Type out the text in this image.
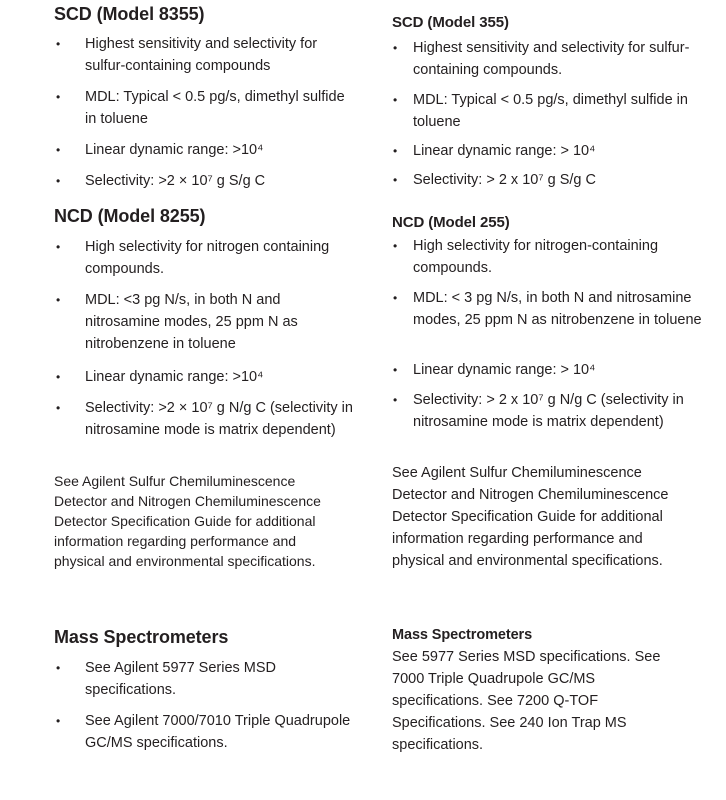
SCD (Model 8355)
• Highest sensitivity and selectivity for sulfur-containing compounds
• MDL: Typical < 0.5 pg/s, dimethyl sulfide in toluene
• Linear dynamic range: >10⁴
• Selectivity: >2 × 10⁷ g S/g C
NCD (Model 8255)
• High selectivity for nitrogen containing compounds.
• MDL: <3 pg N/s, in both N and nitrosamine modes, 25 ppm N as nitrobenzene in toluene
• Linear dynamic range: >10⁴
• Selectivity: >2 × 10⁷ g N/g C (selectivity in nitrosamine mode is matrix dependent)

See Agilent Sulfur Chemiluminescence Detector and Nitrogen Chemiluminescence Detector Specification Guide for additional information regarding performance and physical and environmental specifications.

Mass Spectrometers
• See Agilent 5977 Series MSD specifications.
• See Agilent 7000/7010 Triple Quadrupole GC/MS specifications.
SCD (Model 355)
• Highest sensitivity and selectivity for sulfur-containing compounds.
• MDL: Typical < 0.5 pg/s, dimethyl sulfide in toluene
• Linear dynamic range: > 10⁴
• Selectivity: > 2 x 10⁷ g S/g C
NCD (Model 255)
• High selectivity for nitrogen-containing compounds.
• MDL: < 3 pg N/s, in both N and nitrosamine modes, 25 ppm N as nitrobenzene in toluene
• Linear dynamic range: > 10⁴
• Selectivity: > 2 x 10⁷ g N/g C (selectivity in nitrosamine mode is matrix dependent)

See Agilent Sulfur Chemiluminescence Detector and Nitrogen Chemiluminescence Detector Specification Guide for additional information regarding performance and physical and environmental specifications.

Mass Spectrometers

See 5977 Series MSD specifications. See 7000 Triple Quadrupole GC/MS specifications. See 7200 Q-TOF Specifications. See 240 Ion Trap MS specifications.
